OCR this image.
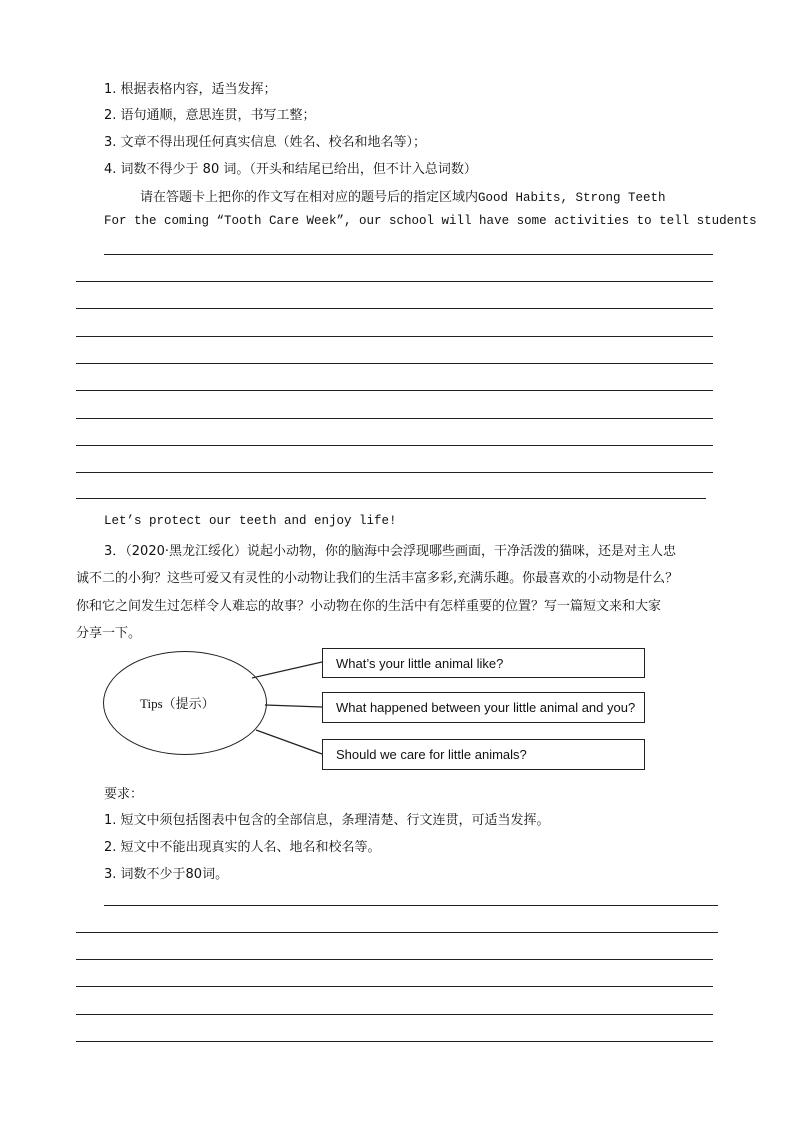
1. 根据表格内容，适当发挥；
2. 语句通顺，意思连贯，书写工整；
3. 文章不得出现任何真实信息（姓名、校名和地名等）；
4. 词数不得少于 80 词。（开头和结尾已给出，但不计入总词数）
请在答题卡上把你的作文写在相对应的题号后的指定区域内Good Habits, Strong Teeth
For the coming “Tooth Care Week”, our school will have some activities to tell students
Let’s protect our teeth and enjoy life!
3．（2020·黑龙江绥化）说起小动物，你的脑海中会浮现哪些画面，干净活泼的猫咪，还是对主人忠
诚不二的小狗？这些可爱又有灵性的小动物让我们的生活丰富多彩,充满乐趣。你最喜欢的小动物是什么？
你和它之间发生过怎样令人难忘的故事？小动物在你的生活中有怎样重要的位置？写一篇短文来和大家
分享一下。
Tips（提示）
What’s your little animal like?
What happened between your little animal and you?
Should we care for little animals?
要求：
1. 短文中须包括图表中包含的全部信息，条理清楚、行文连贯，可适当发挥。
2. 短文中不能出现真实的人名、地名和校名等。
3. 词数不少于80词。
